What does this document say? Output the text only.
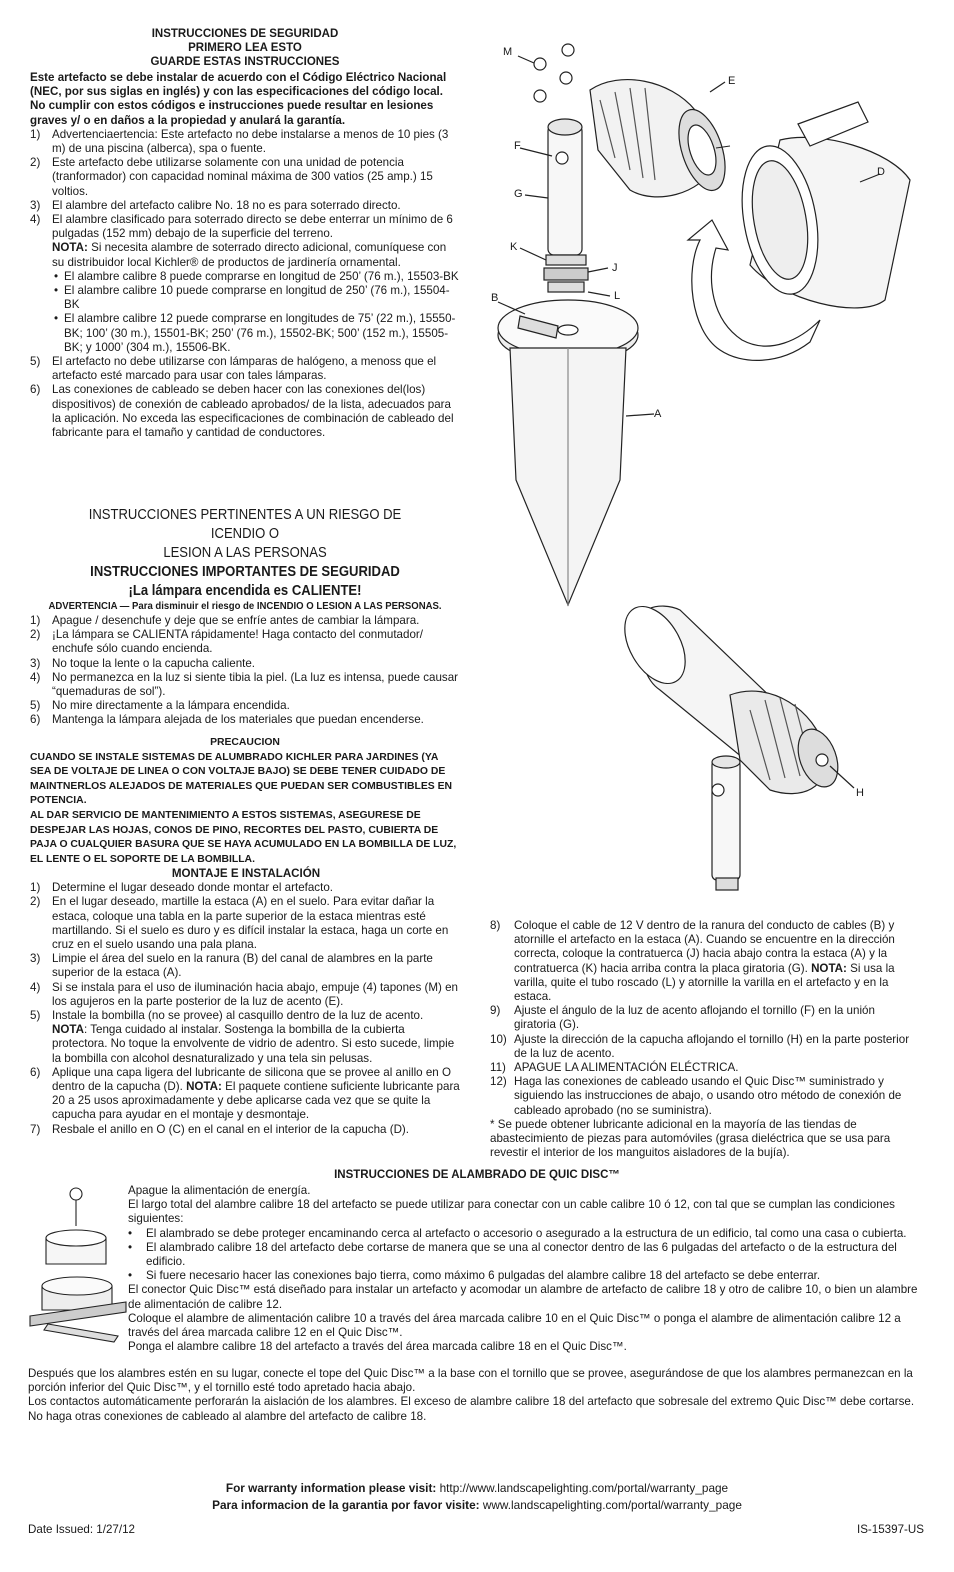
INSTRUCCIONES DE SEGURIDAD
PRIMERO LEA ESTO
GUARDE ESTAS INSTRUCCIONES
Este artefacto se debe instalar de acuerdo con el Código Eléctrico Nacional (NEC, por sus siglas en inglés) y con las especificaciones del código local. No cumplir con estos códigos e instrucciones puede resultar en lesiones graves y/ o en daños a la propiedad y anulará la garantía.
1) Advertenciaertencia: Este artefacto no debe instalarse a menos de 10 pies (3 m) de una piscina (alberca), spa o fuente.
2) Este artefacto debe utilizarse solamente con una unidad de potencia (tranformador) con capacidad nominal máxima de 300 vatios (25 amp.) 15 voltios.
3) El alambre del artefacto calibre No. 18 no es para soterrado directo.
4) El alambre clasificado para soterrado directo se debe enterrar un mínimo de 6 pulgadas (152 mm) debajo de la superficie del terreno.
NOTA: Si necesita alambre de soterrado directo adicional, comuníquese con su distribuidor local Kichler® de productos de jardinería ornamental.
• El alambre calibre 8 puede comprarse en longitud de 250’ (76 m.), 15503-BK
• El alambre calibre 10 puede comprarse en longitud de 250’ (76 m.), 15504-BK
• El alambre calibre 12 puede comprarse en longitudes de 75’ (22 m.), 15550-BK; 100’ (30 m.), 15501-BK; 250’ (76 m.), 15502-BK; 500’ (152 m.), 15505-BK; y 1000’ (304 m.), 15506-BK.
5) El artefacto no debe utilizarse con lámparas de halógeno, a menoss que el artefacto esté marcado para usar con tales lámparas.
6) Las conexiones de cableado se deben hacer con las conexiones del(los) dispositivos) de conexión de cableado aprobados/ de la lista, adecuados para la aplicación. No exceda las especificaciones de combinación de cableado del fabricante para el tamaño y cantidad de conductores.
INSTRUCCIONES PERTINENTES A UN RIESGO DE ICENDIO O
LESION A LAS PERSONAS
INSTRUCCIONES IMPORTANTES DE SEGURIDAD
¡La lámpara encendida es CALIENTE!
ADVERTENCIA — Para disminuir el riesgo de INCENDIO O LESION A LAS PERSONAS.
1) Apague / desenchufe y deje que se enfríe antes de cambiar la lámpara.
2) ¡La lámpara se CALIENTA rápidamente! Haga contacto del conmutador/ enchufe sólo cuando encienda.
3) No toque la lente o la capucha caliente.
4) No permanezca en la luz si siente tibia la piel. (La luz es intensa, puede causar “quemaduras de sol”).
5) No mire directamente a la lámpara encendida.
6) Mantenga la lámpara alejada de los materiales que puedan encenderse.
PRECAUCION
CUANDO SE INSTALE SISTEMAS DE ALUMBRADO KICHLER PARA JARDINES (YA SEA DE VOLTAJE DE LINEA O CON VOLTAJE BAJO) SE DEBE TENER CUIDADO DE MAINTNERLOS ALEJADOS DE MATERIALES QUE PUEDAN SER COMBUSTIBLES EN POTENCIA.
AL DAR SERVICIO DE MANTENIMIENTO A ESTOS SISTEMAS, ASEGURESE DE DESPEJAR LAS HOJAS, CONOS DE PINO, RECORTES DEL PASTO, CUBIERTA DE PAJA O CUALQUIER BASURA QUE SE HAYA ACUMULADO EN LA BOMBILLA DE LUZ, EL LENTE O EL SOPORTE DE LA BOMBILLA.
MONTAJE E INSTALACIÓN
1) Determine el lugar deseado donde montar el artefacto.
2) En el lugar deseado, martille la estaca (A) en el suelo. Para evitar dañar la estaca, coloque una tabla en la parte superior de la estaca mientras esté martillando. Si el suelo es duro y es difícil instalar la estaca, haga un corte en cruz en el suelo usando una pala plana.
3) Limpie el área del suelo en la ranura (B) del canal de alambres en la parte superior de la estaca (A).
4) Si se instala para el uso de iluminación hacia abajo, empuje (4) tapones (M) en los agujeros en la parte posterior de la luz de acento (E).
5) Instale la bombilla (no se provee) al casquillo dentro de la luz de acento.
NOTA: Tenga cuidado al instalar. Sostenga la bombilla de la cubierta protectora. No toque la envolvente de vidrio de adentro. Si esto sucede, limpie la bombilla con alcohol desnaturalizado y una tela sin pelusas.
6) Aplique una capa ligera del lubricante de silicona que se provee al anillo en O dentro de la capucha (D). NOTA: El paquete contiene suficiente lubricante para 20 a 25 usos aproximadamente y debe aplicarse cada vez que se quite la capucha para ayudar en el montaje y desmontaje.
7) Resbale el anillo en O (C) en el canal en el interior de la capucha (D).
8) Coloque el cable de 12 V dentro de la ranura del conducto de cables (B) y atornille el artefacto en la estaca (A). Cuando se encuentre en la dirección correcta, coloque la contratuerca (J) hacia abajo contra la estaca (A) y la contratuerca (K) hacia arriba contra la placa giratoria (G). NOTA: Si usa la varilla, quite el tubo roscado (L) y atornille la varilla en el artefacto y en la estaca.
9) Ajuste el ángulo de la luz de acento aflojando el tornillo (F) en la unión giratoria (G).
10) Ajuste la dirección de la capucha aflojando el tornillo (H) en la parte posterior de la luz de acento.
11) APAGUE LA ALIMENTACIÓN ELÉCTRICA.
12) Haga las conexiones de cableado usando el Quic Disc™ suministrado y siguiendo las instrucciones de abajo, o usando otro método de conexión de cableado aprobado (no se suministra).
* Se puede obtener lubricante adicional en la mayoría de las tiendas de abastecimiento de piezas para automóviles (grasa dieléctrica que se usa para revestir el interior de los manguitos aisladores de la bujía).
M
E
F
D
G
K
J
B	L
A
H
INSTRUCCIONES DE ALAMBRADO DE QUIC DISC™
Apague la alimentación de energía.
El largo total del alambre calibre 18 del artefacto se puede utilizar para conectar con un cable calibre 10 ó 12, con tal que se cumplan las condiciones siguientes:
• El alambrado se debe proteger encaminando cerca al artefacto o accesorio o asegurado a la estructura de un edificio, tal como una casa o cubierta.
• El alambrado calibre 18 del artefacto debe cortarse de manera que se una al conector dentro de las 6 pulgadas del artefacto o de la estructura del edificio.
• Si fuere necesario hacer las conexiones bajo tierra, como máximo 6 pulgadas del alambre calibre 18 del artefacto se debe enterrar.
El conector Quic Disc™ está diseñado para instalar un artefacto y acomodar un alambre de artefacto de calibre 18 y otro de calibre 10, o bien un alambre de alimentación de calibre 12.
Coloque el alambre de alimentación calibre 10 a través del área marcada calibre 10 en el Quic Disc™ o ponga el alambre de alimentación calibre 12 a través del área marcada calibre 12 en el Quic Disc™.
Ponga el alambre calibre 18 del artefacto a través del área marcada calibre 18 en el Quic Disc™.
Después que los alambres estén en su lugar, conecte el tope del Quic Disc™ a la base con el tornillo que se provee, asegurándose de que los alambres permanezcan en la porción inferior del Quic Disc™, y el tornillo esté todo apretado hacia abajo.
Los contactos automáticamente perforarán la aislación de los alambres. El exceso de alambre calibre 18 del artefacto que sobresale del extremo Quic Disc™ debe cortarse.
No haga otras conexiones de cableado al alambre del artefacto de calibre 18.
For warranty information please visit: http://www.landscapelighting.com/portal/warranty_page
Para informacion de la garantia por favor visite: www.landscapelighting.com/portal/warranty_page
Date Issued: 1/27/12	IS-15397-US
